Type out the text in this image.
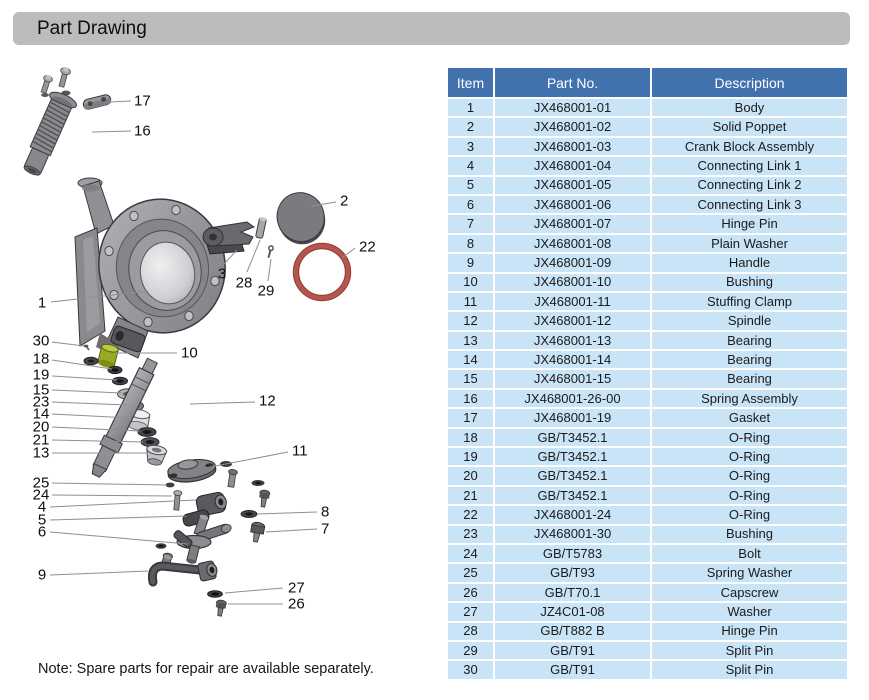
Part Drawing
17
16
2
22
3
28 29
1
30
18	10
19
15
23
14
12
20
21
13	11
25
24
4
5
6
8
7
9
27
26
Item	Part No.	Description
1	JX468001-01	Body
2	JX468001-02	Solid Poppet
3	JX468001-03	Crank Block Assembly
4	JX468001-04	Connecting Link 1
5	JX468001-05	Connecting Link 2
6	JX468001-06	Connecting Link 3
7	JX468001-07	Hinge Pin
8	JX468001-08	Plain Washer
9	JX468001-09	Handle
10	JX468001-10	Bushing
11	JX468001-11	Stuffing Clamp
12	JX468001-12	Spindle
13	JX468001-13	Bearing
14	JX468001-14	Bearing
15	JX468001-15	Bearing
16	JX468001-26-00	Spring Assembly
17	JX468001-19	Gasket
18	GB/T3452.1	O-Ring
19	GB/T3452.1	O-Ring
20	GB/T3452.1	O-Ring
21	GB/T3452.1	O-Ring
22	JX468001-24	O-Ring
23	JX468001-30	Bushing
24	GB/T5783	Bolt
25	GB/T93	Spring Washer
26	GB/T70.1	Capscrew
27	JZ4C01-08	Washer
28	GB/T882 B	Hinge Pin
29	GB/T91	Split Pin
30	GB/T91	Split Pin
Note: Spare parts for repair are available separately.
